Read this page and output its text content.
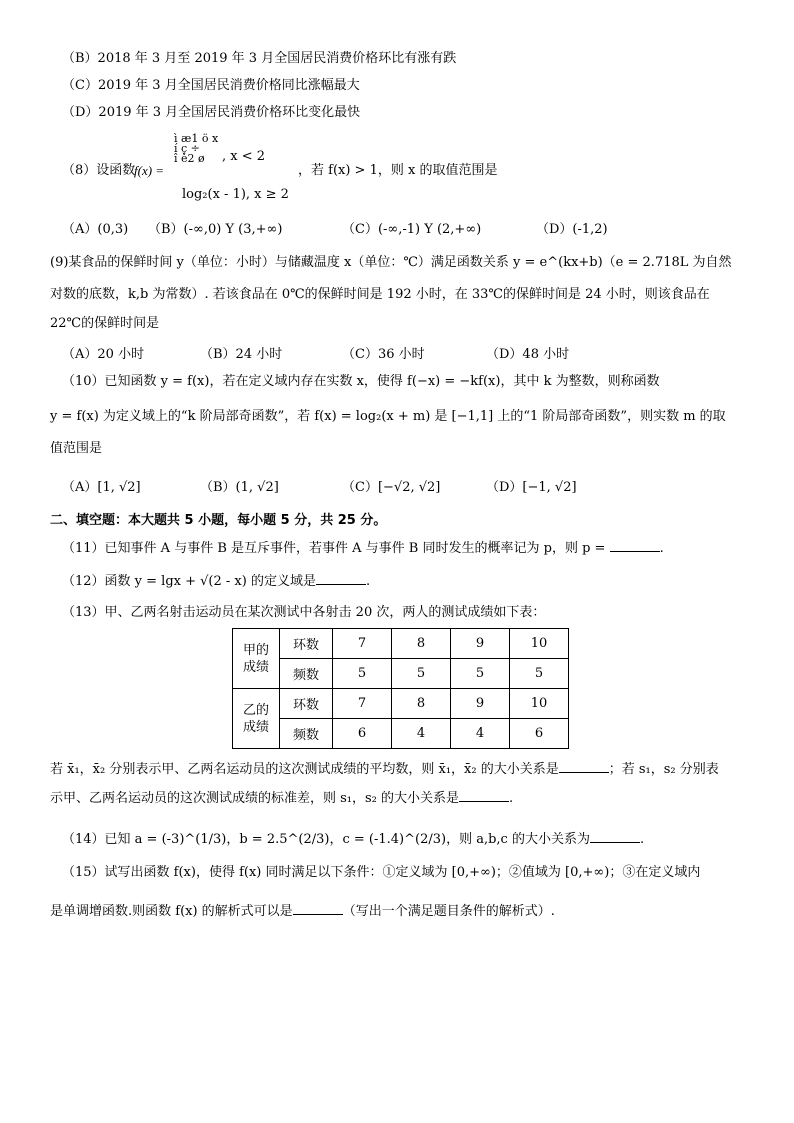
（B）2018 年 3 月至 2019 年 3 月全国居民消费价格环比有涨有跌
（C）2019 年 3 月全国居民消费价格同比涨幅最大
（D）2019 年 3 月全国居民消费价格环比变化最快
（8）设函数
f(x) =
ì æ1 ö x
í ç ÷
î è2 ø	, x < 2
log₂(x - 1), x ≥ 2
，若 f(x) > 1，则 x 的取值范围是
（A）(0,3) （B）(-∞,0) Y (3,+∞)	（C）(-∞,-1) Y (2,+∞)	（D）(-1,2)
(9)某食品的保鲜时间 y（单位：小时）与储藏温度 x（单位：℃）满足函数关系 y = e^(kx+b)（e = 2.718L 为自然
对数的底数，k,b 为常数）. 若该食品在 0℃的保鲜时间是 192 小时，在 33℃的保鲜时间是 24 小时，则该食品在
22℃的保鲜时间是
（A）20 小时	（B）24 小时	（C）36 小时	（D）48 小时
（10）已知函数 y = f(x)，若在定义域内存在实数 x，使得 f(−x) = −kf(x)，其中 k 为整数，则称函数
y = f(x) 为定义域上的“k 阶局部奇函数”，若 f(x) = log₂(x + m) 是 [−1,1] 上的“1 阶局部奇函数”，则实数 m 的取
值范围是
（A）[1, √2]	（B）(1, √2]	（C）[−√2, √2]	（D）[−1, √2]
二、填空题：本大题共 5 小题，每小题 5 分，共 25 分。
（11）已知事件 A 与事件 B 是互斥事件，若事件 A 与事件 B 同时发生的概率记为 p，则 p =	.
（12）函数 y = lgx + √(2 - x) 的定义域是	.
（13）甲、乙两名射击运动员在某次测试中各射击 20 次，两人的测试成绩如下表：
甲的
成绩	环数	7	8	9	10
	频数	5	5	5	5
乙的
成绩	环数	7	8	9	10
	频数	6	4	4	6
若 x̄₁，x̄₂ 分别表示甲、乙两名运动员的这次测试成绩的平均数，则 x̄₁，x̄₂ 的大小关系是	；若 s₁，s₂ 分别表
示甲、乙两名运动员的这次测试成绩的标准差，则 s₁，s₂ 的大小关系是	.
（14）已知 a = (-3)^(1/3)，b = 2.5^(2/3)，c = (-1.4)^(2/3)，则 a,b,c 的大小关系为	.
（15）试写出函数 f(x)，使得 f(x) 同时满足以下条件：①定义域为 [0,+∞)；②值域为 [0,+∞)；③在定义域内
是单调增函数.则函数 f(x) 的解析式可以是	（写出一个满足题目条件的解析式）.
